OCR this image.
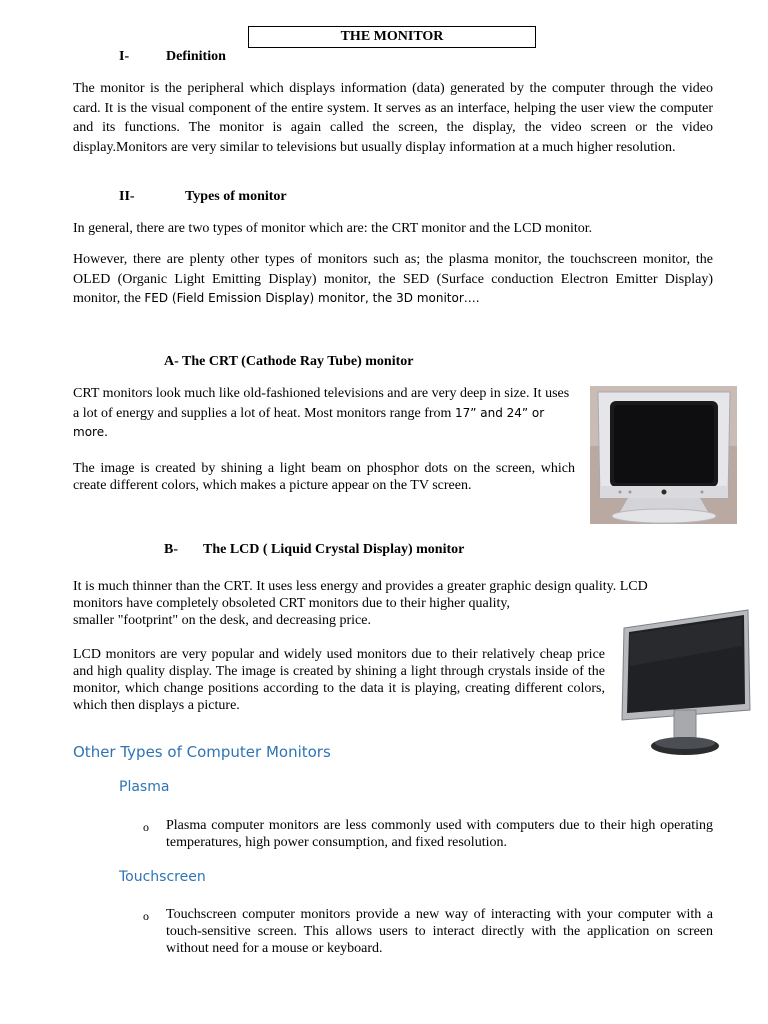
THE MONITOR
I-	Definition
The monitor is the peripheral which displays information (data) generated by the computer through the video card. It is the visual component of the entire system. It serves as an interface, helping the user view the computer and its functions. The monitor is again called the screen, the display, the video screen or the video display.Monitors are very similar to televisions but usually display information at a much higher resolution.
II-	Types of monitor
In general, there are two types of monitor which are: the CRT monitor and the LCD monitor.
However, there are plenty other types of monitors such as; the plasma monitor, the touchscreen monitor, the OLED (Organic Light Emitting Display) monitor, the SED (Surface conduction Electron Emitter Display) monitor, the FED (Field Emission Display) monitor, the 3D monitor….
A- The CRT (Cathode Ray Tube) monitor
CRT monitors look much like old-fashioned televisions and are very deep in size. It uses a lot of energy and supplies a lot of heat. Most monitors range from 17” and 24” or more.
The image is created by shining a light beam on phosphor dots on the screen, which create different colors, which makes a picture appear on the TV screen.
B- The LCD ( Liquid Crystal Display) monitor
It is much thinner than the CRT. It uses less energy and provides a greater graphic design quality. LCD
monitors have completely obsoleted CRT monitors due to their higher quality,
smaller "footprint" on the desk, and decreasing price.
LCD monitors are very popular and widely used monitors due to their relatively cheap price and high quality display. The image is created by shining a light through crystals inside of the monitor, which change positions according to the data it is playing, creating different colors, which then displays a picture.
Other Types of Computer Monitors
Plasma
o Plasma computer monitors are less commonly used with computers due to their high operating temperatures, high power consumption, and fixed resolution.
Touchscreen
o Touchscreen computer monitors provide a new way of interacting with your computer with a touch-sensitive screen. This allows users to interact directly with the application on screen without need for a mouse or keyboard.
